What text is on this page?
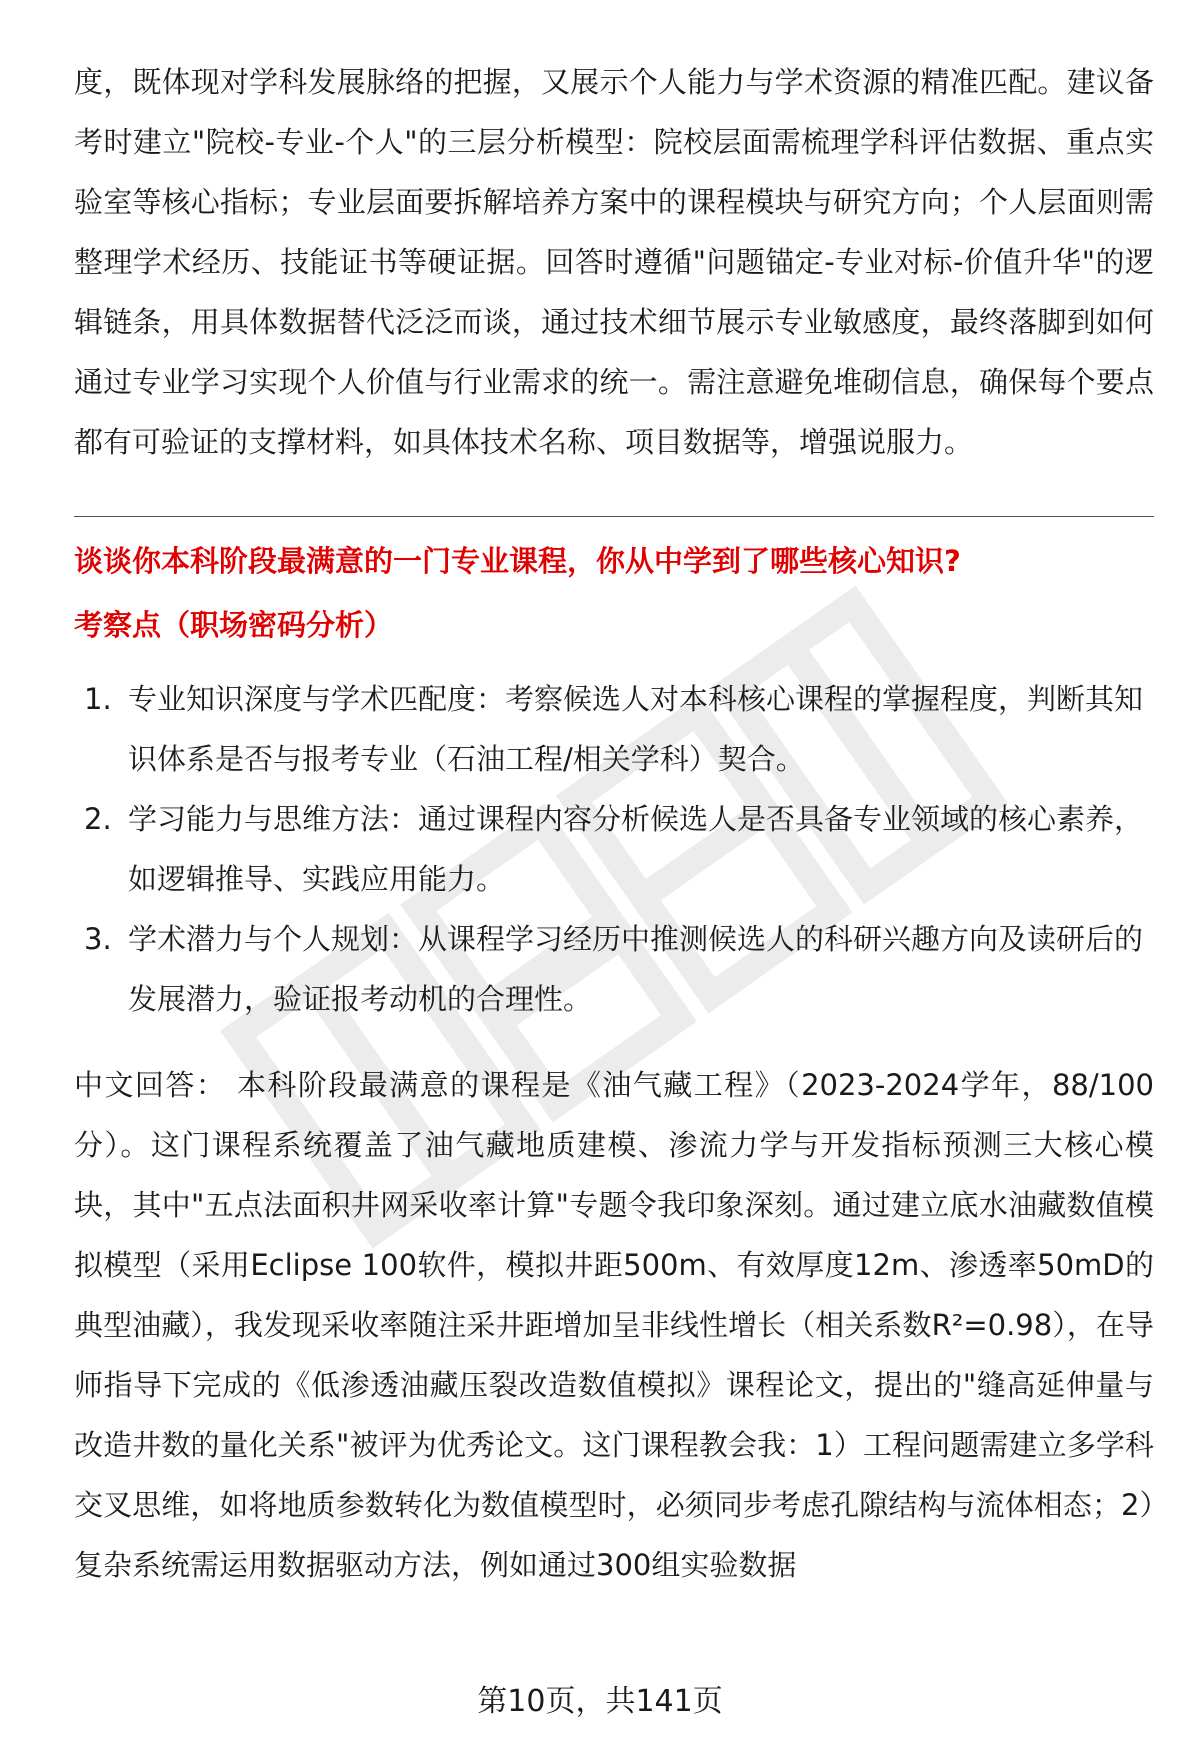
度，既体现对学科发展脉络的把握，又展示个人能力与学术资源的精准匹配。建议备考时建立"院校-专业-个人"的三层分析模型：院校层面需梳理学科评估数据、重点实验室等核心指标；专业层面要拆解培养方案中的课程模块与研究方向；个人层面则需整理学术经历、技能证书等硬证据。回答时遵循"问题锚定-专业对标-价值升华"的逻辑链条，用具体数据替代泛泛而谈，通过技术细节展示专业敏感度，最终落脚到如何通过专业学习实现个人价值与行业需求的统一。需注意避免堆砌信息，确保每个要点都有可验证的支撑材料，如具体技术名称、项目数据等，增强说服力。

谈谈你本科阶段最满意的一门专业课程，你从中学到了哪些核心知识?
考察点（职场密码分析）
1. 专业知识深度与学术匹配度：考察候选人对本科核心课程的掌握程度，判断其知识体系是否与报考专业（石油工程/相关学科）契合。
2. 学习能力与思维方法：通过课程内容分析候选人是否具备专业领域的核心素养，如逻辑推导、实践应用能力。
3. 学术潜力与个人规划：从课程学习经历中推测候选人的科研兴趣方向及读研后的发展潜力，验证报考动机的合理性。

中文回答： 本科阶段最满意的课程是《油气藏工程》（2023-2024学年，88/100分）。这门课程系统覆盖了油气藏地质建模、渗流力学与开发指标预测三大核心模块，其中"五点法面积井网采收率计算"专题令我印象深刻。通过建立底水油藏数值模拟模型（采用Eclipse 100软件，模拟井距500m、有效厚度12m、渗透率50mD的典型油藏），我发现采收率随注采井距增加呈非线性增长（相关系数R²=0.98），在导师指导下完成的《低渗透油藏压裂改造数值模拟》课程论文，提出的"缝高延伸量与改造井数的量化关系"被评为优秀论文。这门课程教会我：1）工程问题需建立多学科交叉思维，如将地质参数转化为数值模型时，必须同步考虑孔隙结构与流体相态；2）复杂系统需运用数据驱动方法，例如通过300组实验数据

第10页，共141页
